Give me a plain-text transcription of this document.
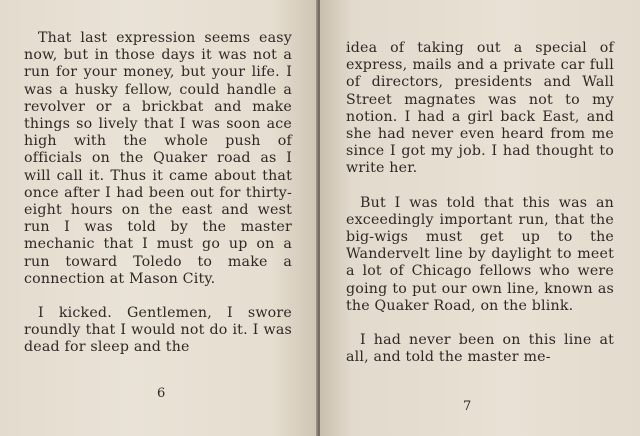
That last expression seems easy now, but in those days it was not a run for your money, but your life. I was a husky fellow, could handle a revolver or a brickbat and make things so lively that I was soon ace high with the whole push of officials on the Quaker road as I will call it. Thus it came about that once after I had been out for thirty-eight hours on the east and west run I was told by the master mechanic that I must go up on a run toward Toledo to make a connection at Mason City.

I kicked. Gentlemen, I swore roundly that I would not do it. I was dead for sleep and the

6

idea of taking out a special of express, mails and a private car full of directors, presidents and Wall Street magnates was not to my notion. I had a girl back East, and she had never even heard from me since I got my job. I had thought to write her.

But I was told that this was an exceedingly important run, that the big-wigs must get up to the Wandervelt line by daylight to meet a lot of Chicago fellows who were going to put our own line, known as the Quaker Road, on the blink.

I had never been on this line at all, and told the master me-

7
